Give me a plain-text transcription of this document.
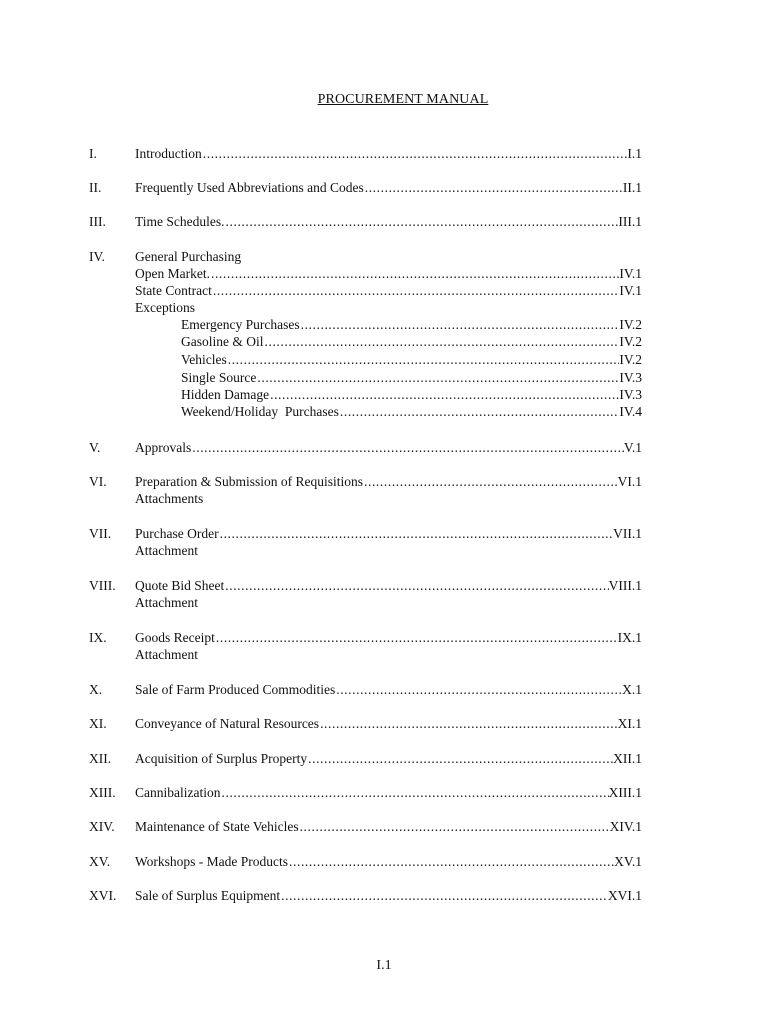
PROCUREMENT MANUAL
I.	Introduction .....	I.1
II. Frequently Used Abbreviations and Codes .....	II.1
III. Time Schedules. .....	III.1
IV. General Purchasing
Open Market. .....	IV.1
State Contract .....	IV.1
Exceptions
Emergency Purchases .....	IV.2
Gasoline & Oil .....	IV.2
Vehicles .....	IV.2
Single Source .....	IV.3
Hidden Damage .....	IV.3
Weekend/Holiday  Purchases .....	IV.4
V.	Approvals .....	V.1
VI. Preparation & Submission of Requisitions .....	VI.1
Attachments
VII. Purchase Order .....	VII.1
Attachment
VIII. Quote Bid Sheet .....	VIII.1
Attachment
IX. Goods Receipt .....	IX.1
Attachment
X. Sale of Farm Produced Commodities .....	X.1
XI. Conveyance of Natural Resources .....	XI.1
XII. Acquisition of Surplus Property .....	XII.1
XIII. Cannibalization .....	XIII.1
XIV. Maintenance of State Vehicles .....	XIV.1
XV. Workshops - Made Products .....	XV.1
XVI. Sale of Surplus Equipment .....	XVI.1
I.1
